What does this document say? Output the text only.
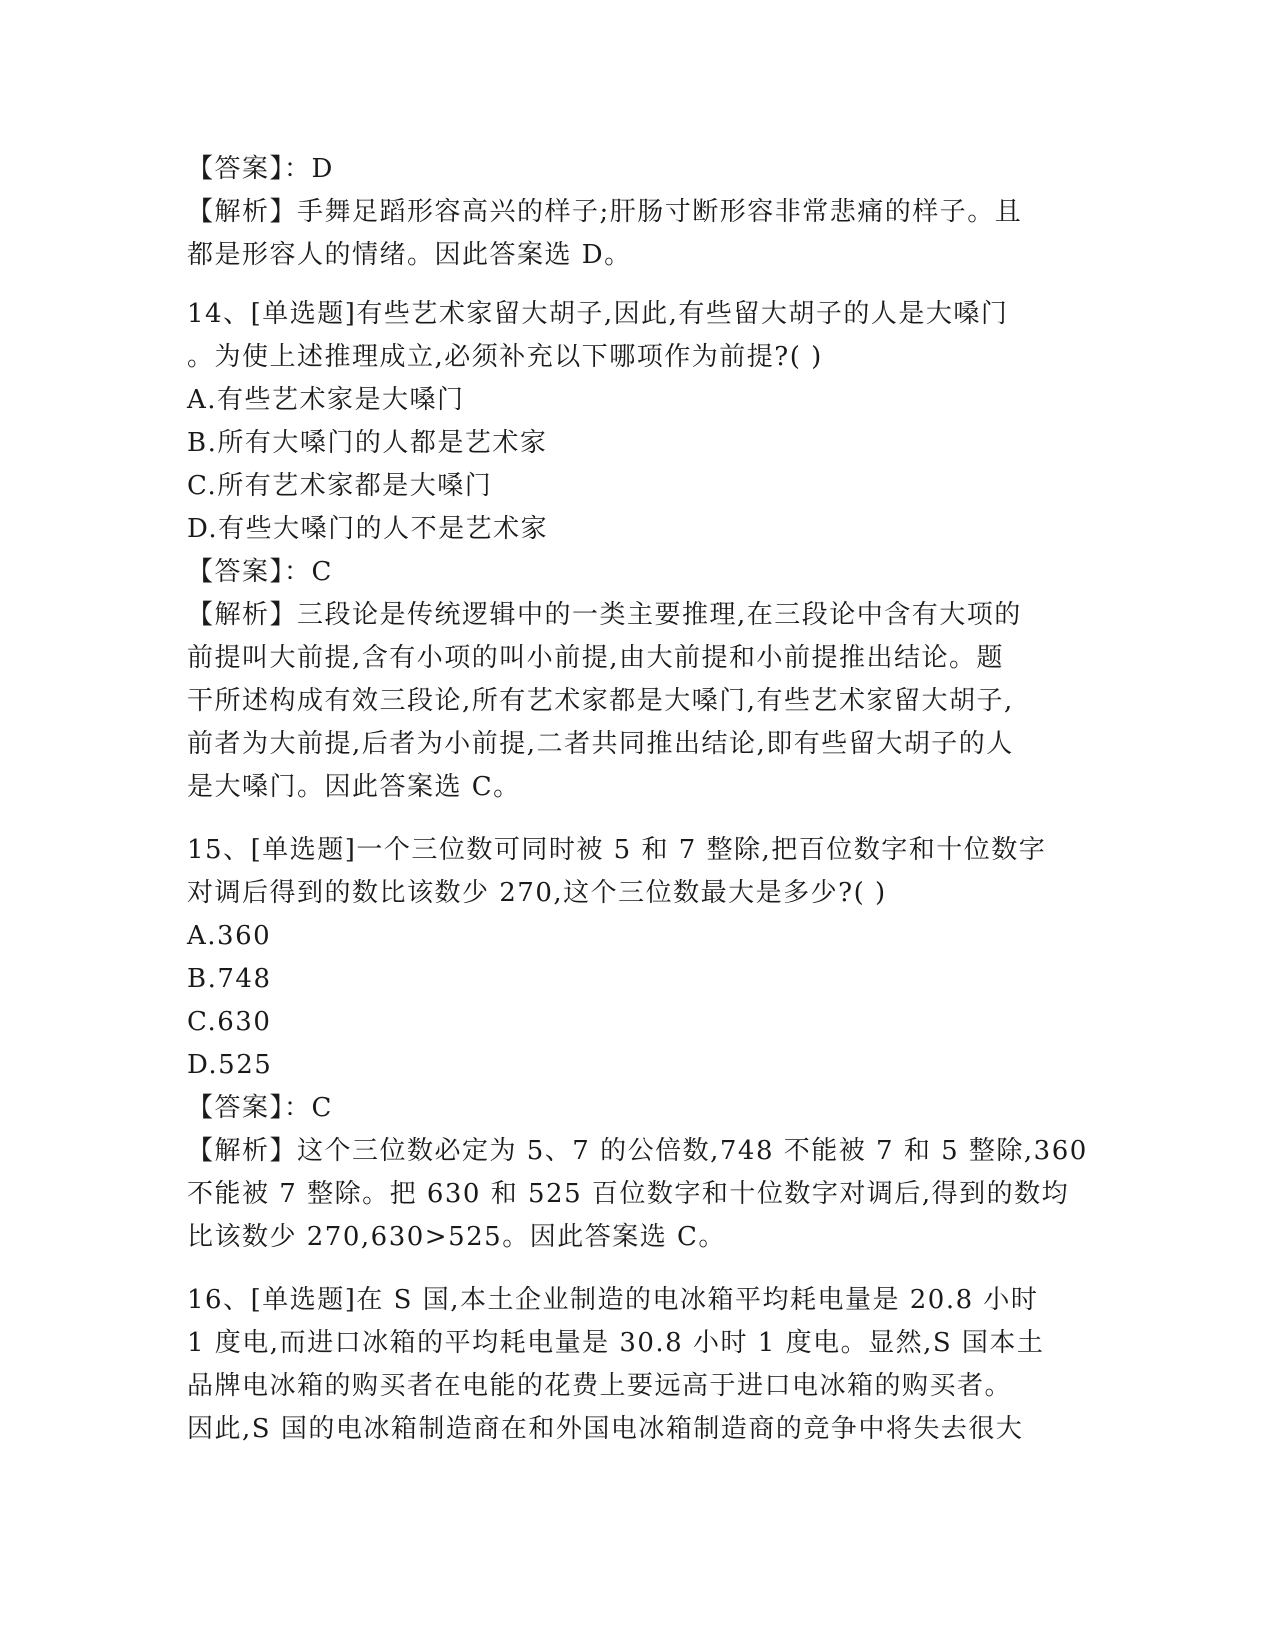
【答案】：D
【解析】手舞足蹈形容高兴的样子;肝肠寸断形容非常悲痛的样子。且
都是形容人的情绪。因此答案选 D。
14、[单选题]有些艺术家留大胡子,因此,有些留大胡子的人是大嗓门
。为使上述推理成立,必须补充以下哪项作为前提?( )
A.有些艺术家是大嗓门
B.所有大嗓门的人都是艺术家
C.所有艺术家都是大嗓门
D.有些大嗓门的人不是艺术家
【答案】：C
【解析】三段论是传统逻辑中的一类主要推理,在三段论中含有大项的
前提叫大前提,含有小项的叫小前提,由大前提和小前提推出结论。题
干所述构成有效三段论,所有艺术家都是大嗓门,有些艺术家留大胡子,
前者为大前提,后者为小前提,二者共同推出结论,即有些留大胡子的人
是大嗓门。因此答案选 C。
15、[单选题]一个三位数可同时被 5 和 7 整除,把百位数字和十位数字
对调后得到的数比该数少 270,这个三位数最大是多少?( )
A.360
B.748
C.630
D.525
【答案】：C
【解析】这个三位数必定为 5、7 的公倍数,748 不能被 7 和 5 整除,360
不能被 7 整除。把 630 和 525 百位数字和十位数字对调后,得到的数均
比该数少 270,630>525。因此答案选 C。
16、[单选题]在 S 国,本土企业制造的电冰箱平均耗电量是 20.8 小时
1 度电,而进口冰箱的平均耗电量是 30.8 小时 1 度电。显然,S 国本土
品牌电冰箱的购买者在电能的花费上要远高于进口电冰箱的购买者。
因此,S 国的电冰箱制造商在和外国电冰箱制造商的竞争中将失去很大
